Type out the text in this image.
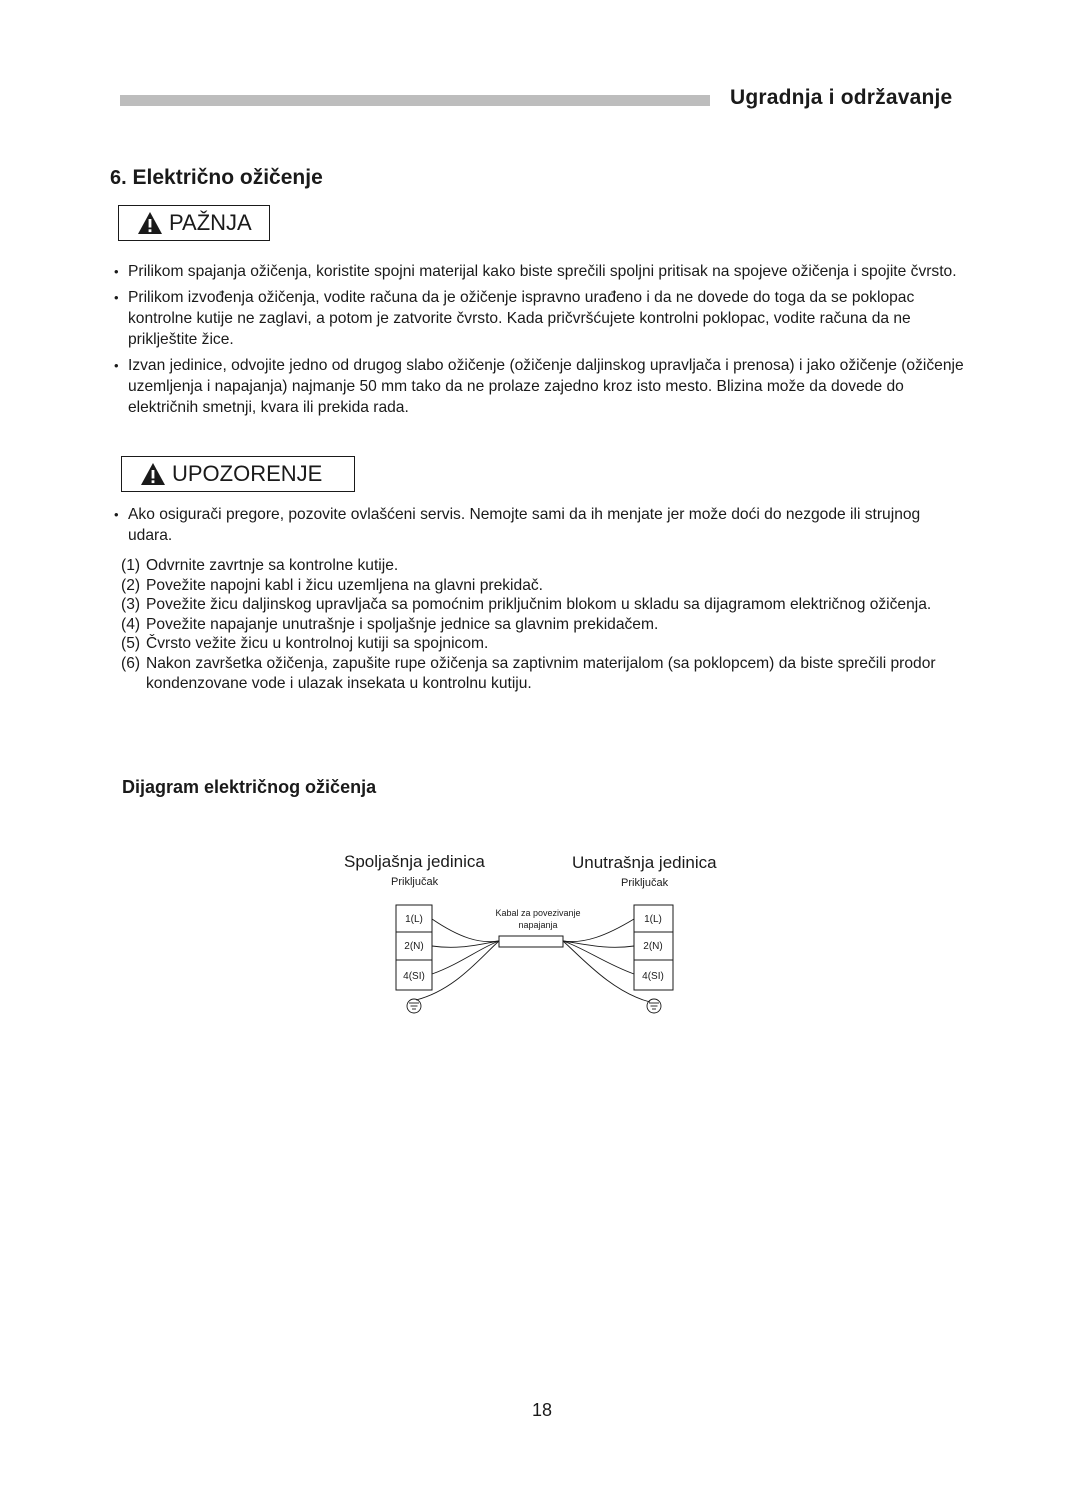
Ugradnja i održavanje
6. Električno ožičenje
PAŽNJA
• Prilikom spajanja ožičenja, koristite spojni materijal kako biste sprečili spoljni pritisak na spojeve ožičenja i spojite čvrsto.
• Prilikom izvođenja ožičenja, vodite računa da je ožičenje ispravno urađeno i da ne dovede do toga da se poklopac kontrolne kutije ne zaglavi, a potom je zatvorite čvrsto. Kada pričvršćujete kontrolni poklopac, vodite računa da ne priklještite žice.
• Izvan jedinice, odvojite jedno od drugog slabo ožičenje (ožičenje daljinskog upravljača i prenosa) i jako ožičenje (ožičenje uzemljenja i napajanja) najmanje 50 mm tako da ne prolaze zajedno kroz isto mesto. Blizina može da dovede do električnih smetnji, kvara ili prekida rada.
UPOZORENJE
• Ako osigurači pregore, pozovite ovlašćeni servis. Nemojte sami da ih menjate jer može doći do nezgode ili strujnog udara.
(1) Odvrnite zavrtnje sa kontrolne kutije.
(2) Povežite napojni kabl i žicu uzemljena na glavni prekidač.
(3) Povežite žicu daljinskog upravljača sa pomoćnim priključnim blokom u skladu sa dijagramom električnog ožičenja.
(4) Povežite napajanje unutrašnje i spoljašnje jednice sa glavnim prekidačem.
(5) Čvrsto vežite žicu u kontrolnoj kutiji sa spojnicom.
(6) Nakon završetka ožičenja, zapušite rupe ožičenja sa zaptivnim materijalom (sa poklopcem) da biste sprečili prodor kondenzovane vode i ulazak insekata u kontrolnu kutiju.
Dijagram električnog ožičenja
Spoljašnja jedinica
Priključak
Unutrašnja jedinica
Priključak
Kabal za povezivanje
napajanja
1(L)
2(N)
4(SI)
1(L)
2(N)
4(SI)
18
